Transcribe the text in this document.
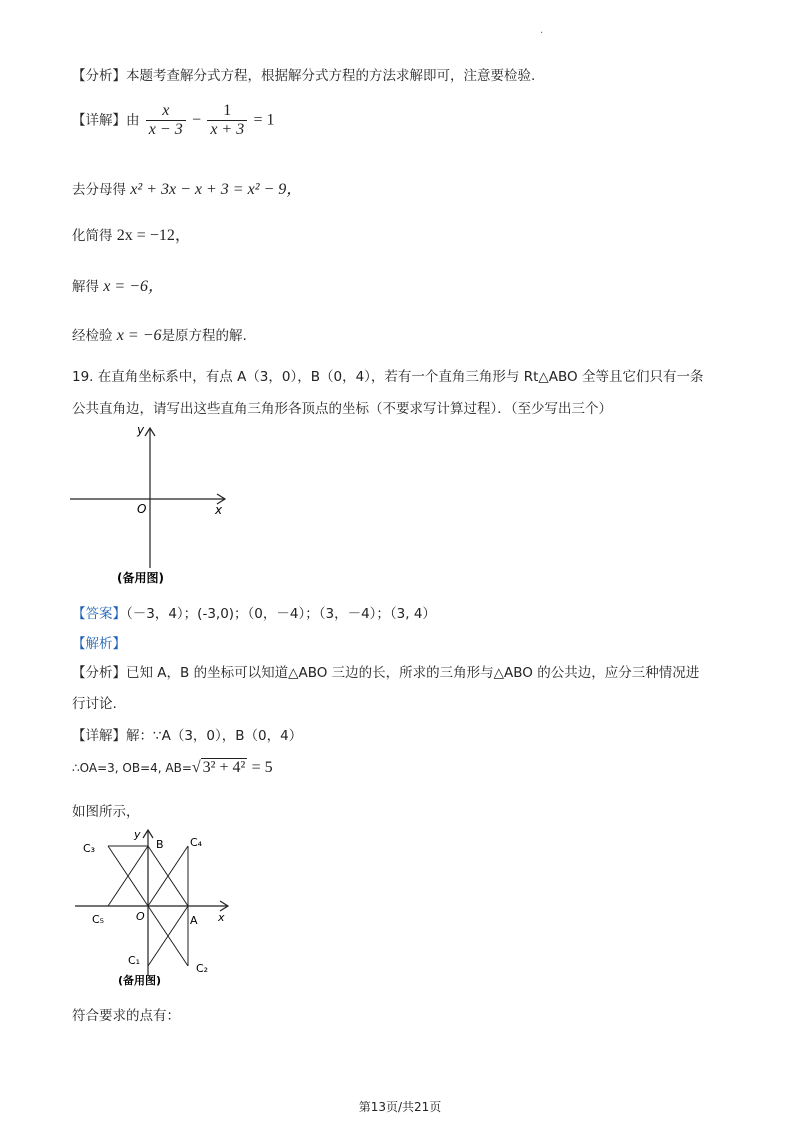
·
【分析】本题考查解分式方程，根据解分式方程的方法求解即可，注意要检验.
【详解】由 $\frac{x}{x - 3} - \frac{1}{x + 3} = 1$
去分母得 x² + 3x − x + 3 = x² − 9，
化简得 2x = −12，
解得 x = −6，
经检验 x = −6是原方程的解.
19. 在直角坐标系中，有点 A（3，0），B（0，4），若有一个直角三角形与 Rt△ABO 全等且它们只有一条
公共直角边，请写出这些直角三角形各顶点的坐标（不要求写计算过程）．（至少写出三个）
y
x
O
(备用图)
【答案】（－3，4）；(-3,0)；（0，－4）；（3，－4）；（3, 4）
【解析】
【分析】已知 A，B 的坐标可以知道△ABO 三边的长，所求的三角形与△ABO 的公共边，应分三种情况进
行讨论.
【详解】解：∵A（3，0），B（0，4）
∴OA=3, OB=4, AB=√ 3² + 4² = 5
如图所示，
y
x
O
B
A
C₃	C₄
C₅
C₁
C₂
(备用图)
符合要求的点有：
第13页/共21页
